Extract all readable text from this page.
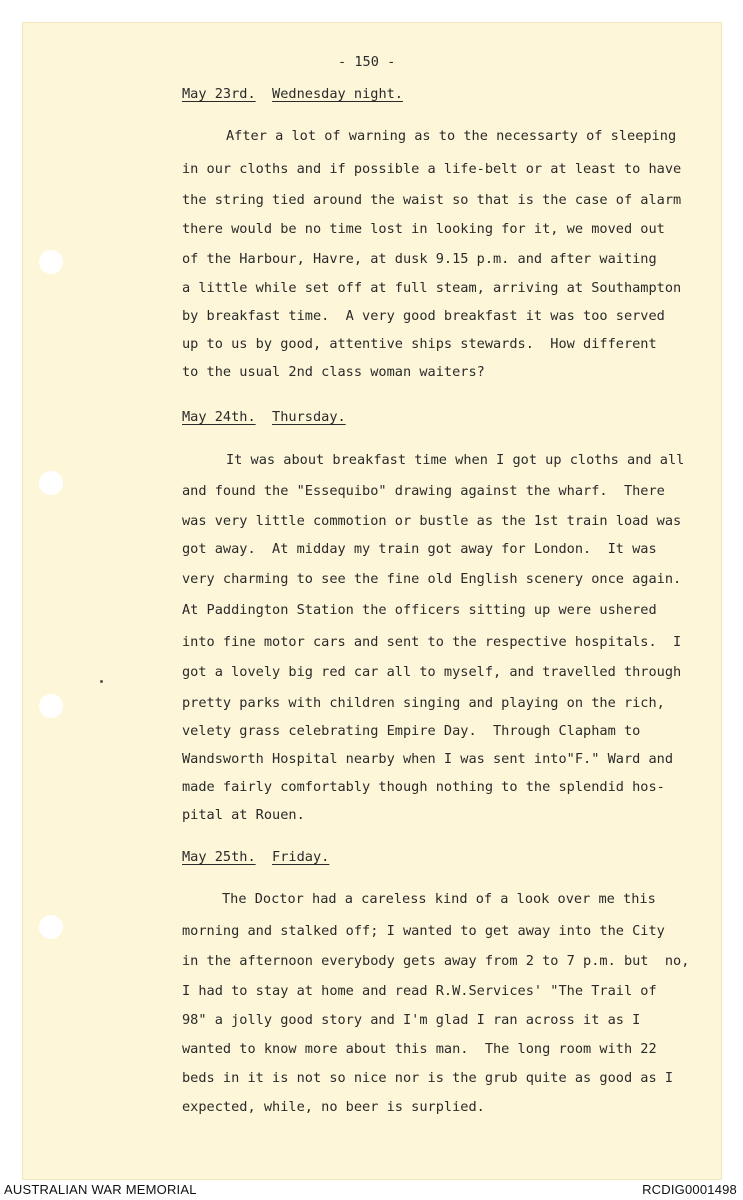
- 150 -
May 23rd. Wednesday night.
After a lot of warning as to the necessarty of sleeping
in our cloths and if possible a life-belt or at least to have
the string tied around the waist so that is the case of alarm
there would be no time lost in looking for it, we moved out
of the Harbour, Havre, at dusk 9.15 p.m. and after waiting
a little while set off at full steam, arriving at Southampton
by breakfast time.  A very good breakfast it was too served
up to us by good, attentive ships stewards.  How different
to the usual 2nd class woman waiters?
May 24th. Thursday.
It was about breakfast time when I got up cloths and all
and found the "Essequibo" drawing against the wharf.  There
was very little commotion or bustle as the 1st train load was
got away.  At midday my train got away for London.  It was
very charming to see the fine old English scenery once again.
At Paddington Station the officers sitting up were ushered
into fine motor cars and sent to the respective hospitals.  I
got a lovely big red car all to myself, and travelled through
pretty parks with children singing and playing on the rich,
velety grass celebrating Empire Day.  Through Clapham to
Wandsworth Hospital nearby when I was sent into"F." Ward and
made fairly comfortably though nothing to the splendid hos-
pital at Rouen.
May 25th. Friday.
The Doctor had a careless kind of a look over me this
morning and stalked off; I wanted to get away into the City
in the afternoon everybody gets away from 2 to 7 p.m. but  no,
I had to stay at home and read R.W.Services' "The Trail of
98" a jolly good story and I'm glad I ran across it as I
wanted to know more about this man.  The long room with 22
beds in it is not so nice nor is the grub quite as good as I
expected, while, no beer is surplied.
AUSTRALIAN WAR MEMORIAL	RCDIG0001498
